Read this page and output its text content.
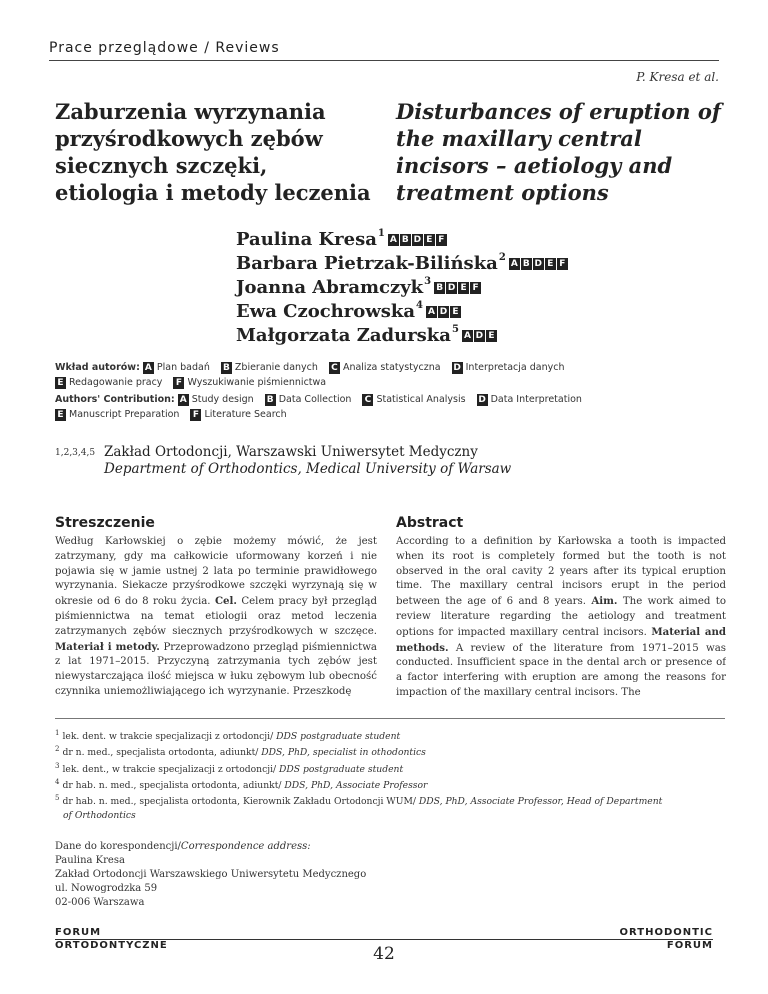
Prace przeglądowe / Reviews
P. Kresa et al.
Zaburzenia wyrzynania przyśrodkowych zębów siecznych szczęki, etiologia i metody leczenia
Disturbances of eruption of the maxillary central incisors – aetiology and treatment options
Paulina Kresa$^1$
A B D E F
Barbara Pietrzak-Bilińska$^2$
A B D E F
Joanna Abramczyk$^3$
B D E F
Ewa Czochrowska$^4$
A D E
Małgorzata Zadurska$^5$
A D E
Wkład autorów: A Plan badań B Zbieranie danych C Analiza statystyczna D Interpretacja danych
E Redagowanie pracy F Wyszukiwanie piśmiennictwa
Authors' Contribution: A Study design B Data Collection C Statistical Analysis D Data Interpretation
E Manuscript Preparation F Literature Search
1,2,3,4,5 Zakład Ortodoncji, Warszawski Uniwersytet Medyczny
Department of Orthodontics, Medical University of Warsaw
Streszczenie
Według Karłowskiej o zębie możemy mówić, że jest zatrzymany, gdy ma całkowicie uformowany korzeń i nie pojawia się w jamie ustnej 2 lata po terminie prawidłowego wyrzynania. Siekacze przyśrodkowe szczęki wyrzynają się w okresie od 6 do 8 roku życia. Cel. Celem pracy był przegląd piśmiennictwa na temat etiologii oraz metod leczenia zatrzymanych zębów siecznych przyśrodkowych w szczęce. Materiał i metody. Przeprowadzono przegląd piśmiennictwa z lat 1971–2015. Przyczyną zatrzymania tych zębów jest niewystarczająca ilość miejsca w łuku zębowym lub obecność czynnika uniemożliwiającego ich wyrzynanie. Przeszkodę
Abstract
According to a definition by Karłowska a tooth is impacted when its root is completely formed but the tooth is not observed in the oral cavity 2 years after its typical eruption time. The maxillary central incisors erupt in the period between the age of 6 and 8 years. Aim. The work aimed to review literature regarding the aetiology and treatment options for impacted maxillary central incisors. Material and methods. A review of the literature from 1971–2015 was conducted. Insufficient space in the dental arch or presence of a factor interfering with eruption are among the reasons for impaction of the maxillary central incisors. The
$^1$ lek. dent. w trakcie specjalizacji z ortodoncji/ DDS postgraduate student
$^2$ dr n. med., specjalista ortodonta, adiunkt/ DDS, PhD, specialist in othodontics
$^3$ lek. dent., w trakcie specjalizacji z ortodoncji/ DDS postgraduate student
$^4$ dr hab. n. med., specjalista ortodonta, adiunkt/ DDS, PhD, Associate Professor
$^5$ dr hab. n. med., specjalista ortodonta, Kierownik Zakładu Ortodoncji WUM/ DDS, PhD, Associate Professor, Head of Department
of Orthodontics
Dane do korespondencji/Correspondence address:
Paulina Kresa
Zakład Ortodoncji Warszawskiego Uniwersytetu Medycznego
ul. Nowogrodzka 59
02-006 Warszawa
FORUM
ORTODONTYCZNE	42
ORTHODONTIC
FORUM
